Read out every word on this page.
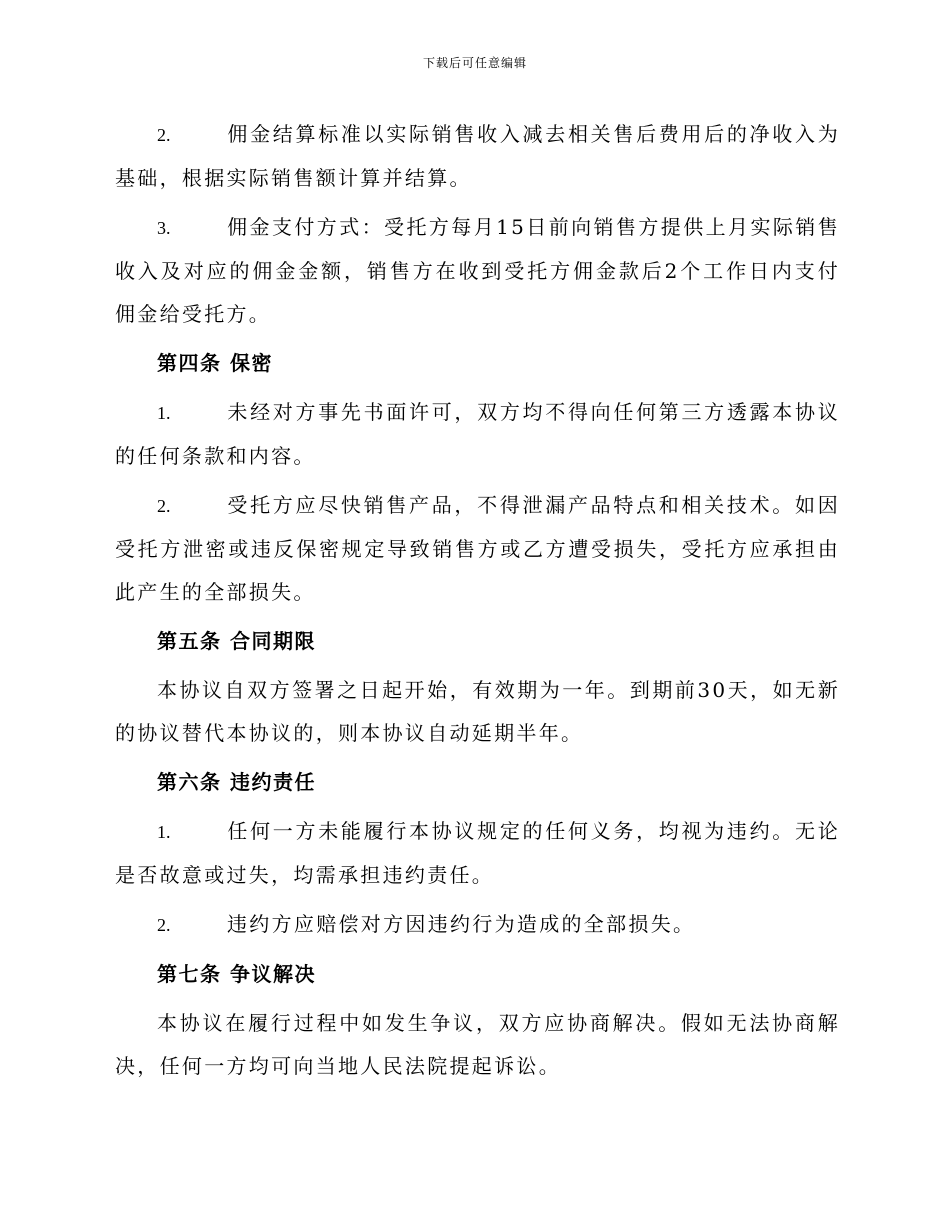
下载后可任意编辑

2.	佣金结算标准以实际销售收入减去相关售后费用后的净收入为基础，根据实际销售额计算并结算。

3.	佣金支付方式：受托方每月15日前向销售方提供上月实际销售收入及对应的佣金金额，销售方在收到受托方佣金款后2个工作日内支付佣金给受托方。

第四条 保密

1.	未经对方事先书面许可，双方均不得向任何第三方透露本协议的任何条款和内容。

2.	受托方应尽快销售产品，不得泄漏产品特点和相关技术。如因受托方泄密或违反保密规定导致销售方或乙方遭受损失，受托方应承担由此产生的全部损失。

第五条 合同期限

本协议自双方签署之日起开始，有效期为一年。到期前30天，如无新的协议替代本协议的，则本协议自动延期半年。

第六条 违约责任

1.	任何一方未能履行本协议规定的任何义务，均视为违约。无论是否故意或过失，均需承担违约责任。

2.	违约方应赔偿对方因违约行为造成的全部损失。

第七条 争议解决

本协议在履行过程中如发生争议，双方应协商解决。假如无法协商解决，任何一方均可向当地人民法院提起诉讼。
